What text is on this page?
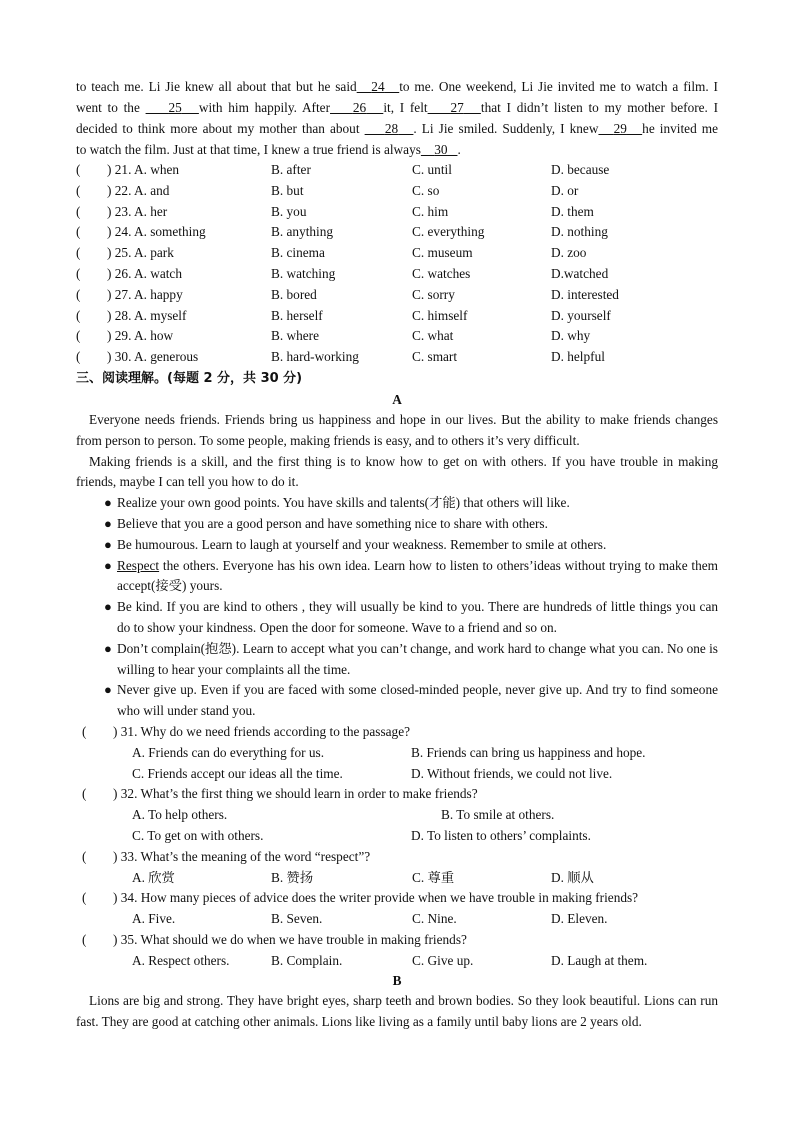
to teach me. Li Jie knew all about that but he said 24 to me. One weekend, Li Jie invited me to watch a film. I
went to the 25 with him happily. After 26 it, I felt 27 that I didn’t listen to my mother before. I
decided to think more about my mother than about 28 . Li Jie smiled. Suddenly, I knew 29 he invited me
to watch the film. Just at that time, I knew a true friend is always 30 .
(　　) 21. A. when	B. after	C. until	D. because
(　　) 22. A. and	B. but	C. so	D. or
(　　) 23. A. her	B. you	C. him	D. them
(　　) 24. A. something	B. anything	C. everything	D. nothing
(　　) 25. A. park	B. cinema	C. museum	D. zoo
(　　) 26. A. watch	B. watching	C. watches	D.watched
(　　) 27. A. happy	B. bored	C. sorry	D. interested
(　　) 28. A. myself	B. herself	C. himself	D. yourself
(　　) 29. A. how	B. where	C. what	D. why
(　　) 30. A. generous	B. hard-working	C. smart	D. helpful
三、阅读理解。(每题 2 分，共 30 分)
A
Everyone needs friends. Friends bring us happiness and hope in our lives. But the ability to make friends changes from person to person. To some people, making friends is easy, and to others it’s very difficult.
Making friends is a skill, and the first thing is to know how to get on with others. If you have trouble in making friends, maybe I can tell you how to do it.
● Realize your own good points. You have skills and talents(才能) that others will like.
● Believe that you are a good person and have something nice to share with others.
● Be humourous. Learn to laugh at yourself and your weakness. Remember to smile at others.
● Respect the others. Everyone has his own idea. Learn how to listen to others’ideas without trying to make them accept(接受) yours.
● Be kind. If you are kind to others , they will usually be kind to you. There are hundreds of little things you can do to show your kindness. Open the door for someone. Wave to a friend and so on.
● Don’t complain(抱怨). Learn to accept what you can’t change, and work hard to change what you can. No one is willing to hear your complaints all the time.
● Never give up. Even if you are faced with some closed-minded people, never give up. And try to find someone who will under stand you.
(　　) 31. Why do we need friends according to the passage?
A. Friends can do everything for us.	B. Friends can bring us happiness and hope.
C. Friends accept our ideas all the time.	D. Without friends, we could not live.
(　　) 32. What’s the first thing we should learn in order to make friends?
A. To help others.	B. To smile at others.
C. To get on with others.	D. To listen to others’ complaints.
(　　) 33. What’s the meaning of the word “respect”?
A. 欣赏	B. 赞扬	C. 尊重	D. 顺从
(　　) 34. How many pieces of advice does the writer provide when we have trouble in making friends?
A. Five.	B. Seven.	C. Nine.	D. Eleven.
(　　) 35. What should we do when we have trouble in making friends?
A. Respect others.	B. Complain.	C. Give up.	D. Laugh at them.
B
Lions are big and strong. They have bright eyes, sharp teeth and brown bodies. So they look beautiful. Lions can run fast. They are good at catching other animals. Lions like living as a family until baby lions are 2 years old.
